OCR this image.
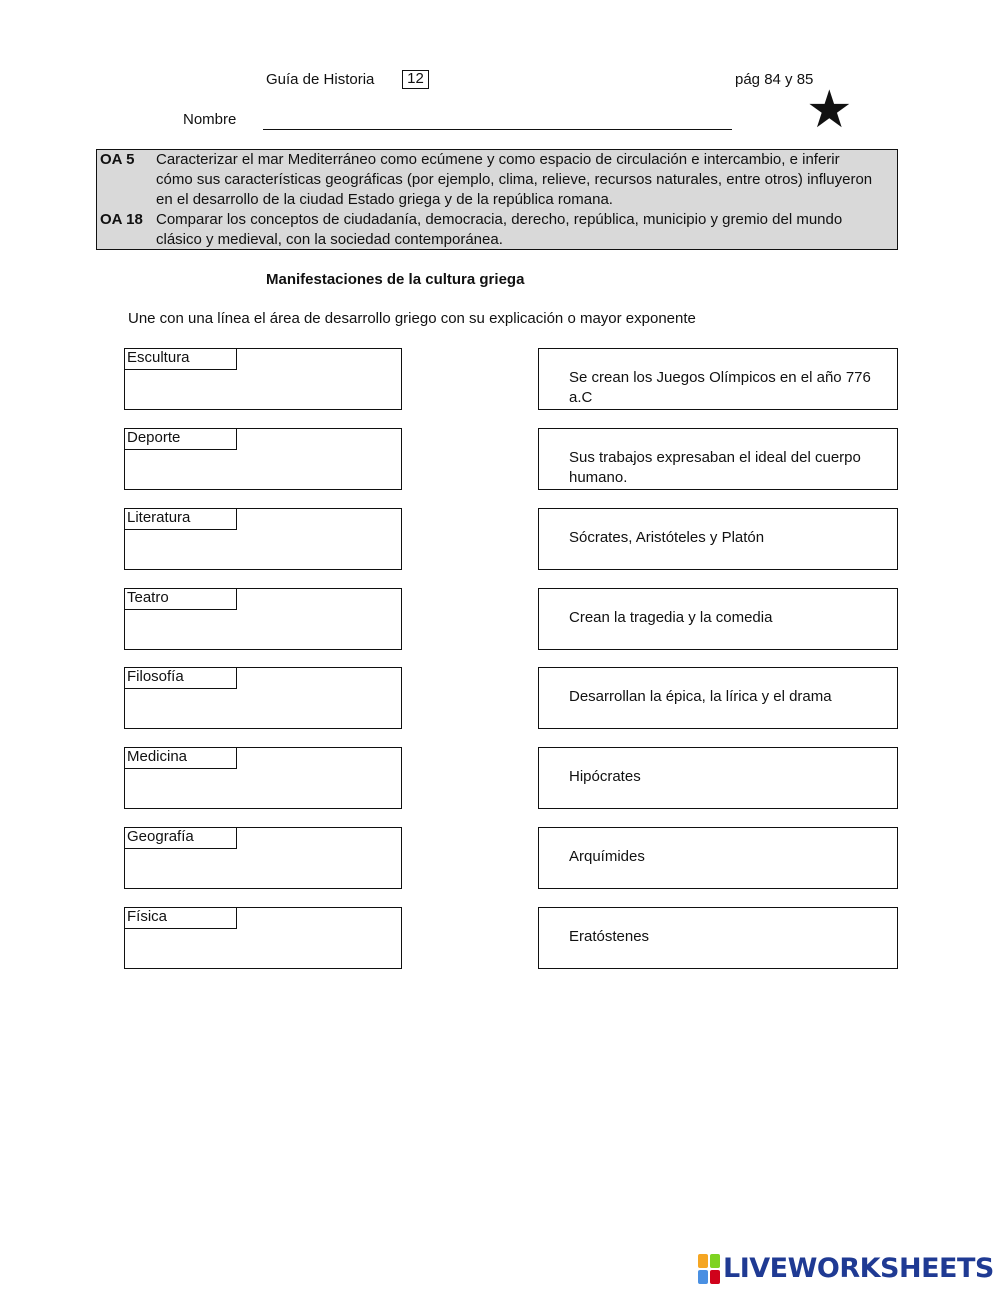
Guía de Historia	12	pág 84 y 85
Nombre	★
OA 5	Caracterizar el mar Mediterráneo como ecúmene y como espacio de circulación e intercambio, e inferir cómo sus características geográficas (por ejemplo, clima, relieve, recursos naturales, entre otros) influyeron en el desarrollo de la ciudad Estado griega y de la república romana.
OA 18 Comparar los conceptos de ciudadanía, democracia, derecho, república, municipio y gremio del mundo clásico y medieval, con la sociedad contemporánea.
Manifestaciones de la cultura griega
Une con una línea el área de desarrollo griego con su explicación o mayor exponente
Escultura
Deporte
Literatura
Teatro
Filosofía
Medicina
Geografía
Física
Se crean los Juegos Olímpicos en el año 776 a.C
Sus trabajos expresaban el ideal del cuerpo humano.
Sócrates, Aristóteles y Platón
Crean la tragedia y la comedia
Desarrollan la épica, la lírica y el drama
Hipócrates
Arquímides
Eratóstenes
LIVEWORKSHEETS
